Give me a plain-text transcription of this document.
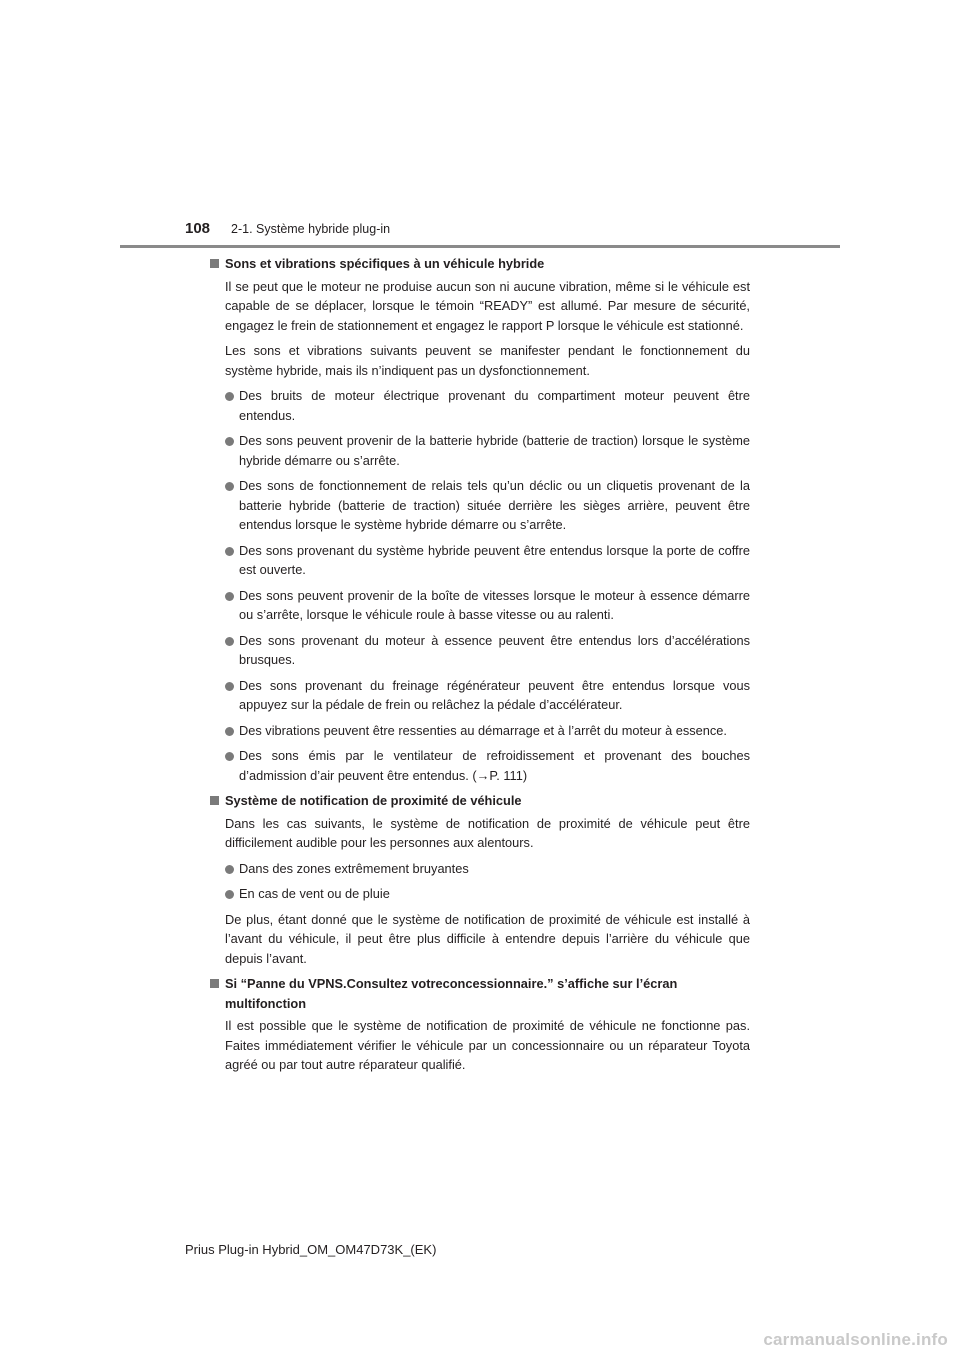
108 2-1. Système hybride plug-in
Sons et vibrations spécifiques à un véhicule hybride

Il se peut que le moteur ne produise aucun son ni aucune vibration, même si le véhicule est capable de se déplacer, lorsque le témoin “READY” est allumé. Par mesure de sécurité, engagez le frein de stationnement et engagez le rapport P lorsque le véhicule est stationné.

Les sons et vibrations suivants peuvent se manifester pendant le fonctionnement du système hybride, mais ils n’indiquent pas un dysfonctionnement.

Des bruits de moteur électrique provenant du compartiment moteur peuvent être entendus.
Des sons peuvent provenir de la batterie hybride (batterie de traction) lorsque le système hybride démarre ou s’arrête.
Des sons de fonctionnement de relais tels qu’un déclic ou un cliquetis provenant de la batterie hybride (batterie de traction) située derrière les sièges arrière, peuvent être entendus lorsque le système hybride démarre ou s’arrête.
Des sons provenant du système hybride peuvent être entendus lorsque la porte de coffre est ouverte.
Des sons peuvent provenir de la boîte de vitesses lorsque le moteur à essence démarre ou s’arrête, lorsque le véhicule roule à basse vitesse ou au ralenti.
Des sons provenant du moteur à essence peuvent être entendus lors d’accélérations brusques.
Des sons provenant du freinage régénérateur peuvent être entendus lorsque vous appuyez sur la pédale de frein ou relâchez la pédale d’accélérateur.
Des vibrations peuvent être ressenties au démarrage et à l’arrêt du moteur à essence.
Des sons émis par le ventilateur de refroidissement et provenant des bouches d’admission d’air peuvent être entendus. (→P. 111)
Système de notification de proximité de véhicule

Dans les cas suivants, le système de notification de proximité de véhicule peut être difficilement audible pour les personnes aux alentours.

Dans des zones extrêmement bruyantes
En cas de vent ou de pluie

De plus, étant donné que le système de notification de proximité de véhicule est installé à l’avant du véhicule, il peut être plus difficile à entendre depuis l’arrière du véhicule que depuis l’avant.

Si “Panne du VPNS.Consultez votreconcessionnaire.” s’affiche sur l’écran multifonction

Il est possible que le système de notification de proximité de véhicule ne fonctionne pas. Faites immédiatement vérifier le véhicule par un concessionnaire ou un réparateur Toyota agréé ou par tout autre réparateur qualifié.

Prius Plug-in Hybrid_OM_OM47D73K_(EK)
carmanualsonline.info
